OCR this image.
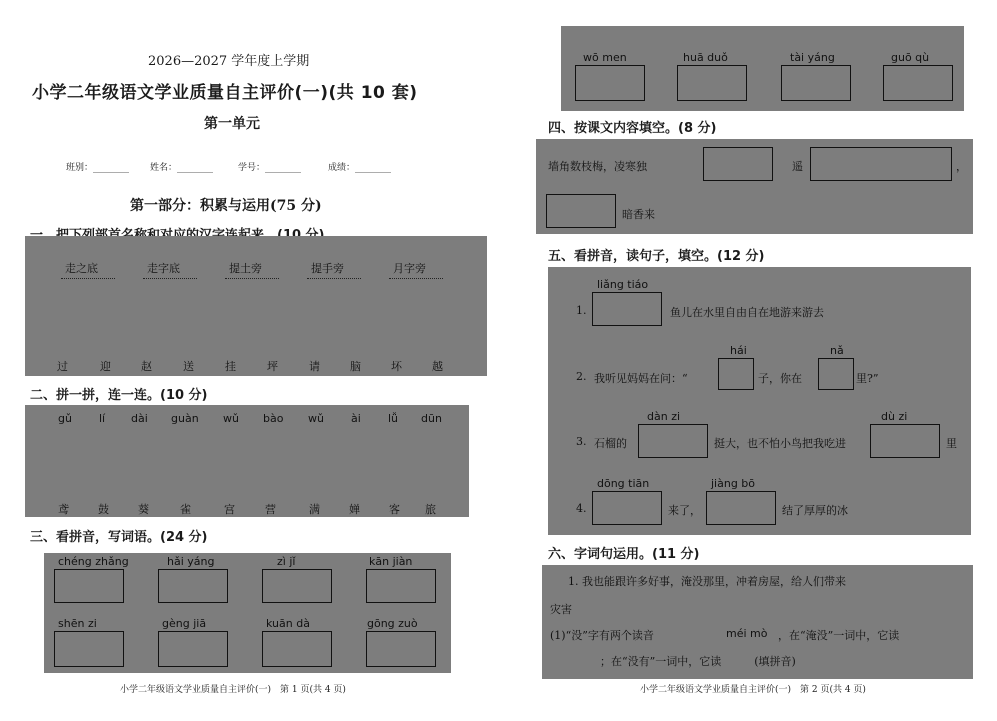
2026—2027 学年度上学期
小学二年级语文学业质量自主评价(一)(共 10 套)
第一单元
班别：________ 姓名：________	学号：________	成绩：________
第一部分：积累与运用(75 分)
走之底	走字底	提土旁	提手旁	月字旁
过	迎	赵	送	挂	坪	请	脑	坏	越
二、拼一拼，连一连。(10 分)
gǔ lí dài guàn wǔ bào wǔ ài lǚ dūn
鸢	鼓	葵	雀	宫	营	满	婵	客 旅
三、看拼音，写词语。(24 分)
chéng zhǎng	hǎi yáng	zì jǐ	kān jiàn
shēn zi	gèng jiā	kuān dà	gōng zuò
小学二年级语文学业质量自主评价(一)　第 1 页(共 4 页)
wō men	huā duǒ	tài yáng	guō qù
四、按课文内容填空。(8 分)
墙角数枝梅，凌寒独	遥	，
暗香来
五、看拼音，读句子，填空。(12 分)
1.
liǎng tiáo
鱼儿在水里自由自在地游来游去
2. 我听见妈妈在问：“
hái
子，你在
nǎ
里?”
3. 石榴的
dàn zi
挺大，也不怕小鸟把我吃进
dù zi
里
4.
dōng tiān
来了，
jiàng bō
结了厚厚的冰
六、字词句运用。(11 分)
1. 我也能跟许多好事，淹没那里，冲着房屋，给人们带来
灾害
(1)“没”字有两个读音	méi mò ，在“淹没”一词中，它读
；在“没有”一词中，它读　　　(填拼音)
小学二年级语文学业质量自主评价(一)　第 2 页(共 4 页)
